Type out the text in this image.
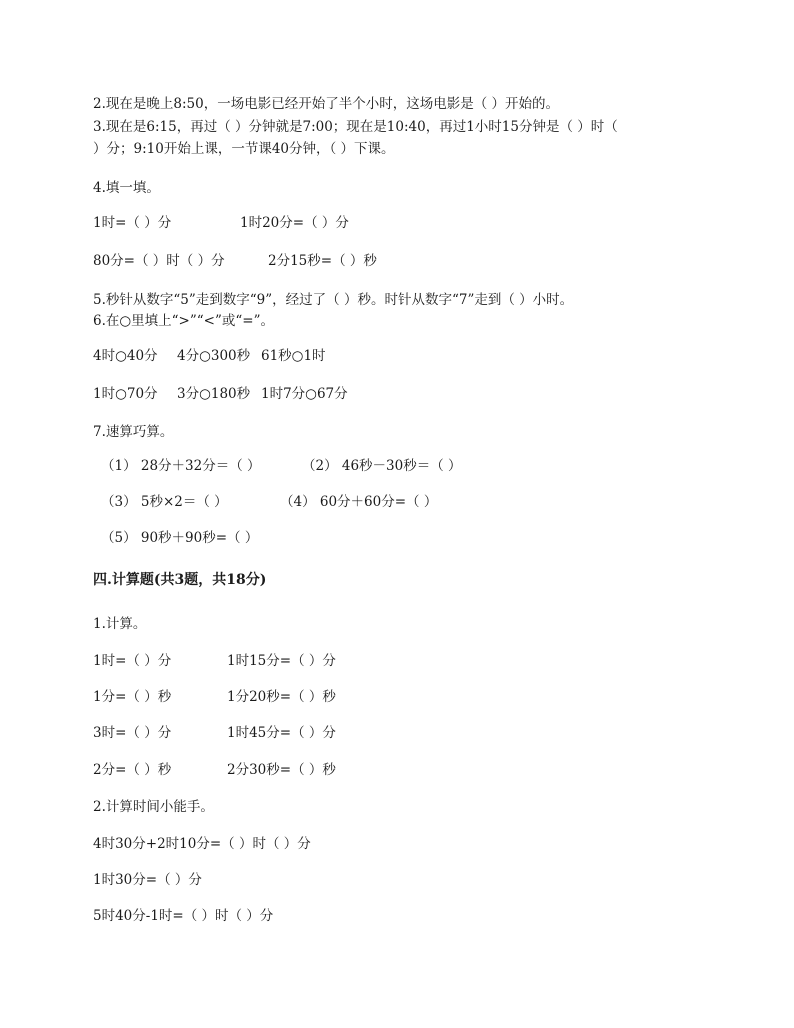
2.现在是晚上8:50，一场电影已经开始了半个小时，这场电影是（ ）开始的。
3.现在是6:15，再过（ ）分钟就是7:00；现在是10:40，再过1小时15分钟是（ ）时（
）分；9:10开始上课，一节课40分钟，（ ）下课。
4.填一填。
1时=（ ）分	1时20分=（ ）分
80分=（ ）时（ ）分	2分15秒=（ ）秒
5.秒针从数字“5”走到数字“9”，经过了（ ）秒。时针从数字“7”走到（ ）小时。
6.在○里填上“>”“<”或“=”。
4时○40分 4分○300秒 61秒○1时
1时○70分 3分○180秒 1时7分○67分
7.速算巧算。
（1） 28分＋32分＝（ ）	（2） 46秒－30秒＝（ ）
（3） 5秒×2＝（ ）	（4） 60分＋60分=（ ）
（5） 90秒＋90秒=（ ）
四.计算题(共3题，共18分)
1.计算。
1时=（ ）分	1时15分=（ ）分
1分=（ ）秒	1分20秒=（ ）秒
3时=（ ）分	1时45分=（ ）分
2分=（ ）秒	2分30秒=（ ）秒
2.计算时间小能手。
4时30分+2时10分=（ ）时（ ）分
1时30分=（ ）分
5时40分-1时=（ ）时（ ）分
